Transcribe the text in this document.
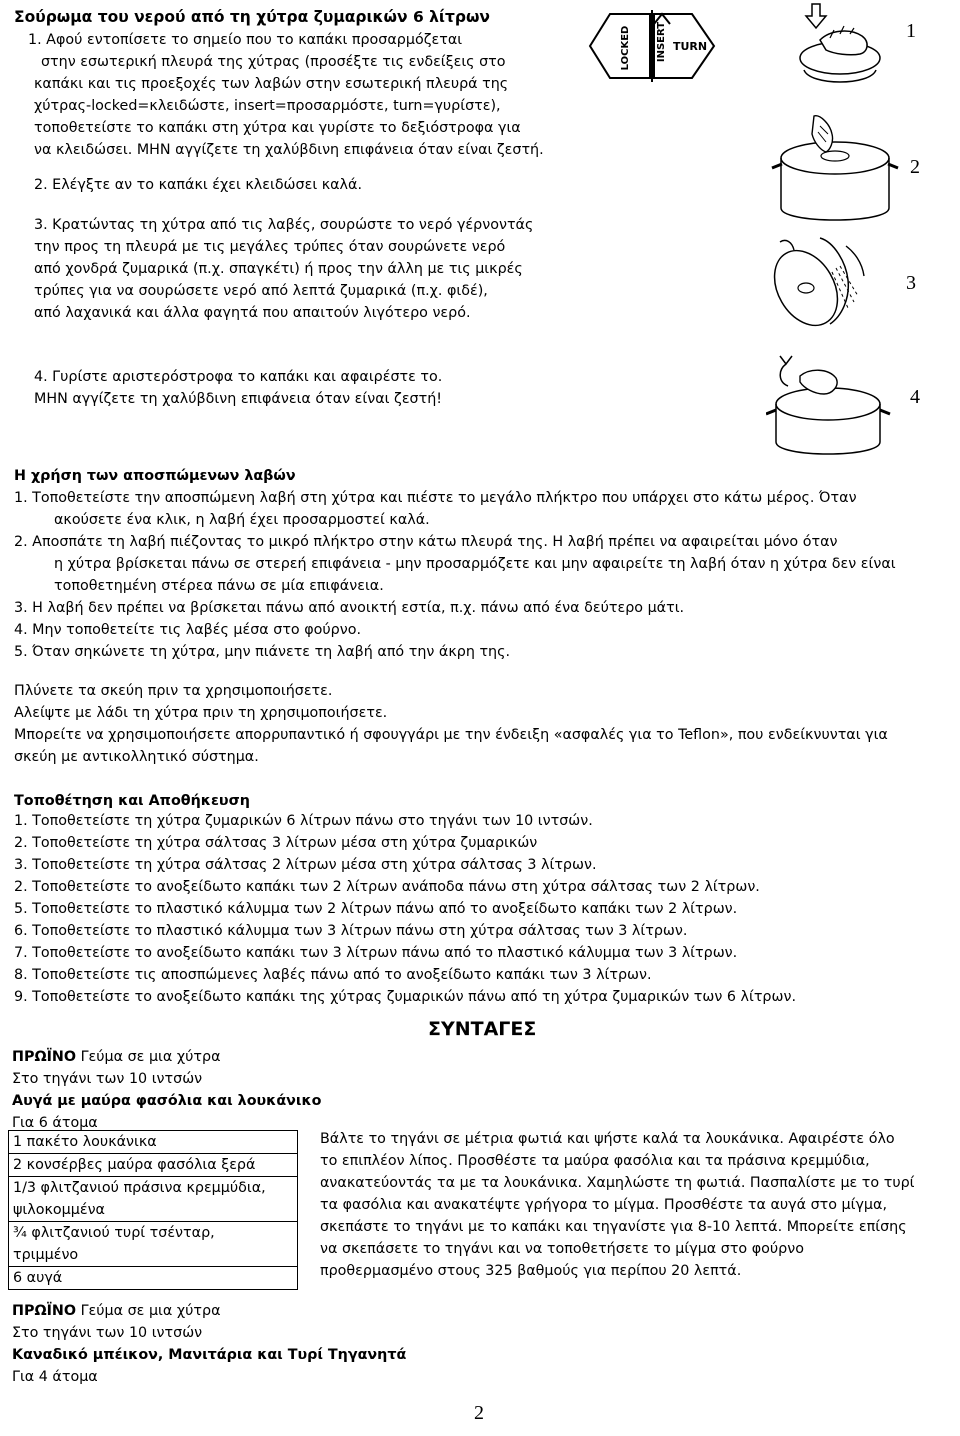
Σούρωμα του νερού από τη χύτρα ζυμαρικών 6 λίτρων
1. Αφού εντοπίσετε το σημείο που το καπάκι προσαρμόζεται
στην εσωτερική πλευρά της χύτρας (προσέξτε τις ενδείξεις στο
καπάκι και τις προεξοχές των λαβών στην εσωτερική πλευρά της
χύτρας-locked=κλειδώστε, insert=προσαρμόστε, turn=γυρίστε),
τοποθετείστε το καπάκι στη χύτρα και γυρίστε το δεξιόστροφα για
να κλειδώσει. ΜΗΝ αγγίζετε τη χαλύβδινη επιφάνεια όταν είναι ζεστή.
2. Ελέγξτε αν το καπάκι έχει κλειδώσει καλά.
3. Κρατώντας τη χύτρα από τις λαβές, σουρώστε το νερό γέρνοντάς
την προς τη πλευρά με τις μεγάλες τρύπες όταν σουρώνετε νερό
από χονδρά ζυμαρικά (π.χ. σπαγκέτι) ή προς την άλλη με τις μικρές
τρύπες για να σουρώσετε νερό από λεπτά ζυμαρικά (π.χ. φιδέ),
από λαχανικά και άλλα φαγητά που απαιτούν λιγότερο νερό.
4. Γυρίστε αριστερόστροφα το καπάκι και αφαιρέστε το.
ΜΗΝ αγγίζετε τη χαλύβδινη επιφάνεια όταν είναι ζεστή!
LOCKED	INSERT TURN
1
2
3
4
Η χρήση των αποσπώμενων λαβών
1. Τοποθετείστε την αποσπώμενη λαβή στη χύτρα και πιέστε το μεγάλο πλήκτρο που υπάρχει στο κάτω μέρος. Όταν
ακούσετε ένα κλικ, η λαβή έχει προσαρμοστεί καλά.
2. Αποσπάτε τη λαβή πιέζοντας το μικρό πλήκτρο στην κάτω πλευρά της. Η λαβή πρέπει να αφαιρείται μόνο όταν
η χύτρα βρίσκεται πάνω σε στερεή επιφάνεια - μην προσαρμόζετε και μην αφαιρείτε τη λαβή όταν η χύτρα δεν είναι
τοποθετημένη στέρεα πάνω σε μία επιφάνεια.
3. Η λαβή δεν πρέπει να βρίσκεται πάνω από ανοικτή εστία, π.χ. πάνω από ένα δεύτερο μάτι.
4. Μην τοποθετείτε τις λαβές μέσα στο φούρνο.
5. Όταν σηκώνετε τη χύτρα, μην πιάνετε τη λαβή από την άκρη της.
Πλύνετε τα σκεύη πριν τα χρησιμοποιήσετε.
Αλείψτε με λάδι τη χύτρα πριν τη χρησιμοποιήσετε.
Μπορείτε να χρησιμοποιήσετε απορρυπαντικό ή σφουγγάρι με την ένδειξη «ασφαλές για το Teflon», που ενδείκνυνται για
σκεύη με αντικολλητικό σύστημα.
Τοποθέτηση και Αποθήκευση
1. Τοποθετείστε τη χύτρα ζυμαρικών 6 λίτρων πάνω στο τηγάνι των 10 ιντσών.
2. Τοποθετείστε τη χύτρα σάλτσας 3 λίτρων μέσα στη χύτρα ζυμαρικών
3. Τοποθετείστε τη χύτρα σάλτσας 2 λίτρων μέσα στη χύτρα σάλτσας 3 λίτρων.
2. Τοποθετείστε το ανοξείδωτο καπάκι των 2 λίτρων ανάποδα πάνω στη χύτρα σάλτσας των 2 λίτρων.
5. Τοποθετείστε το πλαστικό κάλυμμα των 2 λίτρων πάνω από το ανοξείδωτο καπάκι των 2 λίτρων.
6. Τοποθετείστε το πλαστικό κάλυμμα των 3 λίτρων πάνω στη χύτρα σάλτσας των 3 λίτρων.
7. Τοποθετείστε το ανοξείδωτο καπάκι των 3 λίτρων πάνω από το πλαστικό κάλυμμα των 3 λίτρων.
8. Τοποθετείστε τις αποσπώμενες λαβές πάνω από το ανοξείδωτο καπάκι των 3 λίτρων.
9. Τοποθετείστε το ανοξείδωτο καπάκι της χύτρας ζυμαρικών πάνω από τη χύτρα ζυμαρικών των 6 λίτρων.
ΣΥΝΤΑΓΕΣ
ΠΡΩΪΝΟ Γεύμα σε μια χύτρα
Στο τηγάνι των 10 ιντσών
Αυγά με μαύρα φασόλια και λουκάνικο
Για 6 άτομα
1 πακέτο λουκάνικα
2 κονσέρβες μαύρα φασόλια ξερά
1/3 φλιτζανιού πράσινα κρεμμύδια,
ψιλοκομμένα
¾ φλιτζανιού τυρί τσένταρ,
τριμμένο
6 αυγά
Βάλτε το τηγάνι σε μέτρια φωτιά και ψήστε καλά τα λουκάνικα. Αφαιρέστε όλο
το επιπλέον λίπος. Προσθέστε τα μαύρα φασόλια και τα πράσινα κρεμμύδια,
ανακατεύοντάς τα με τα λουκάνικα. Χαμηλώστε τη φωτιά. Πασπαλίστε με το τυρί
τα φασόλια και ανακατέψτε γρήγορα το μίγμα. Προσθέστε τα αυγά στο μίγμα,
σκεπάστε το τηγάνι με το καπάκι και τηγανίστε για 8-10 λεπτά. Μπορείτε επίσης
να σκεπάσετε το τηγάνι και να τοποθετήσετε το μίγμα στο φούρνο
προθερμασμένο στους 325 βαθμούς για περίπου 20 λεπτά.
ΠΡΩΪΝΟ Γεύμα σε μια χύτρα
Στο τηγάνι των 10 ιντσών
Καναδικό μπέικον, Μανιτάρια και Τυρί Τηγανητά
Για 4 άτομα
2
